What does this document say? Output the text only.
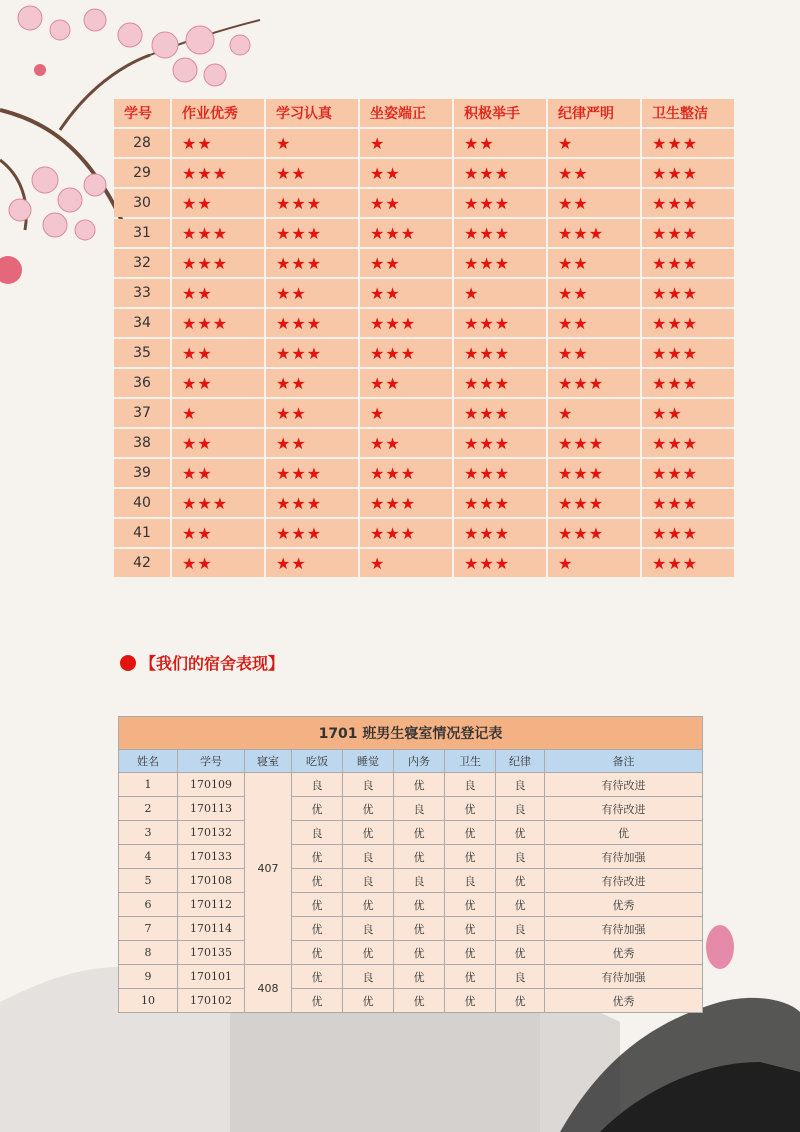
学号	作业优秀	学习认真	坐姿端正	积极举手	纪律严明	卫生整洁
28	★★	★	★	★★	★	★★★
29	★★★	★★	★★	★★★	★★	★★★
30	★★	★★★	★★	★★★	★★	★★★
31	★★★	★★★	★★★	★★★	★★★	★★★
32	★★★	★★★	★★	★★★	★★	★★★
33	★★	★★	★★	★	★★	★★★
34	★★★	★★★	★★★	★★★	★★	★★★
35	★★	★★★	★★★	★★★	★★	★★★
36	★★	★★	★★	★★★	★★★	★★★
37	★	★★	★	★★★	★	★★
38	★★	★★	★★	★★★	★★★	★★★
39	★★	★★★	★★★	★★★	★★★	★★★
40	★★★	★★★	★★★	★★★	★★★	★★★
41	★★	★★★	★★★	★★★	★★★	★★★
42	★★	★★	★	★★★	★	★★★
【我们的宿舍表现】
1701 班男生寝室情况登记表								
姓名	学号	寝室	吃饭	睡觉	内务	卫生	纪律	备注
1	170109	407	良	良	优	良	良	有待改进
2	170113		优	优	良	优	良	有待改进
3	170132		良	优	优	优	优	优
4	170133		优	良	优	优	良	有待加强
5	170108		优	良	良	良	优	有待改进
6	170112		优	优	优	优	优	优秀
7	170114		优	良	优	优	良	有待加强
8	170135		优	优	优	优	优	优秀
9	170101	408	优	良	优	优	良	有待加强
10	170102		优	优	优	优	优	优秀
